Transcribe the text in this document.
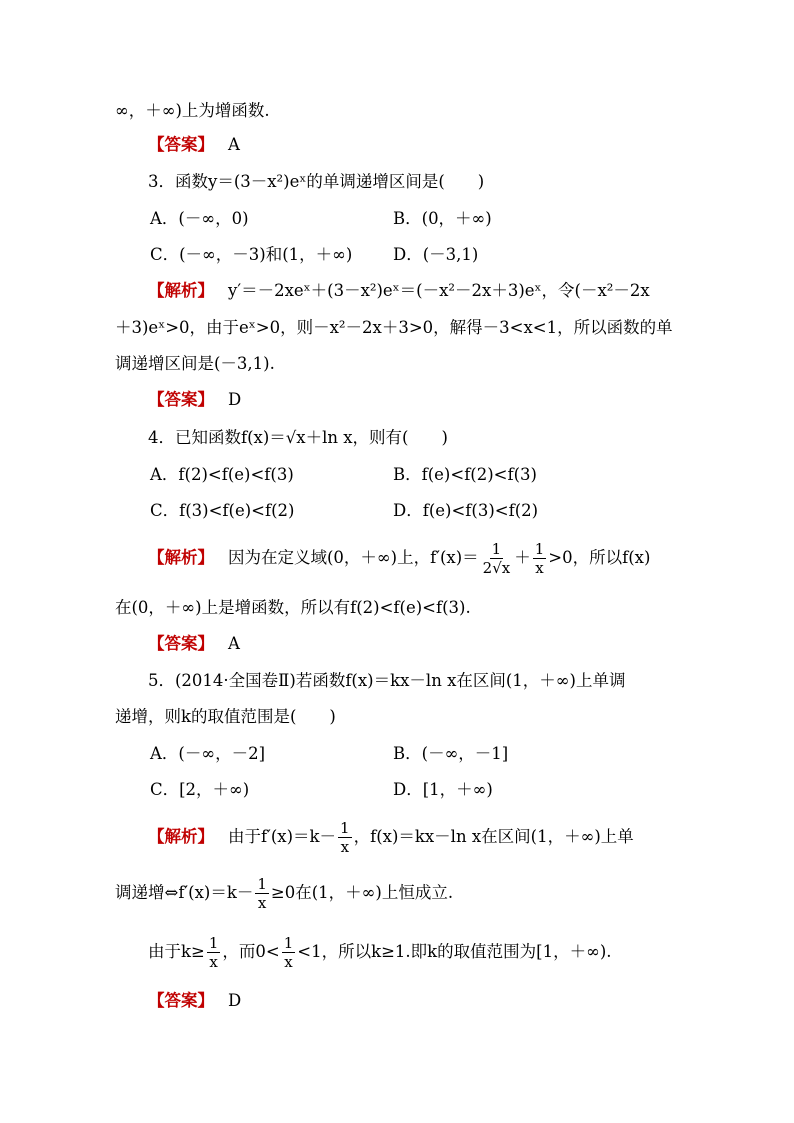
∞，＋∞)上为增函数.
【答案】 A
3．函数y＝(3－x²)eˣ的单调递增区间是(　　)
A．(－∞，0)	B．(0，＋∞)
C．(－∞，－3)和(1，＋∞) D．(－3,1)
【解析】 y′＝－2xeˣ＋(3－x²)eˣ＝(－x²－2x＋3)eˣ，令(－x²－2x
＋3)eˣ>0，由于eˣ>0，则－x²－2x＋3>0，解得－3<x<1，所以函数的单
调递增区间是(－3,1).
【答案】 D
4．已知函数f(x)＝√x＋ln x，则有(　　)
A．f(2)<f(e)<f(3)	B．f(e)<f(2)<f(3)
C．f(3)<f(e)<f(2)	D．f(e)<f(3)<f(2)
【解析】 因为在定义域(0，＋∞)上，$f'(x)= \frac{1}{2√x} + \frac{1}{x} >0$，所以f(x)
在(0，＋∞)上是增函数，所以有f(2)<f(e)<f(3).
【答案】 A
5．(2014·全国卷Ⅱ)若函数f(x)＝kx－ln x在区间(1，＋∞)上单调
递增，则k的取值范围是(　　)
A．(－∞，－2]	B．(－∞，－1]
C．[2，＋∞)	D．[1，＋∞)
【解析】 由于$f'(x)=k- \frac{1}{x}$ ，f(x)＝kx－ln x在区间(1，＋∞)上单
调递增⇔f′(x)＝k－ $\frac{1}{x} \ge 0$在(1，＋∞)上恒成立.
由于$k\ge \frac{1}{x}$ ，而$0< \frac{1}{x} <1$，所以k≥1.即k的取值范围为[1，＋∞).
【答案】 D
